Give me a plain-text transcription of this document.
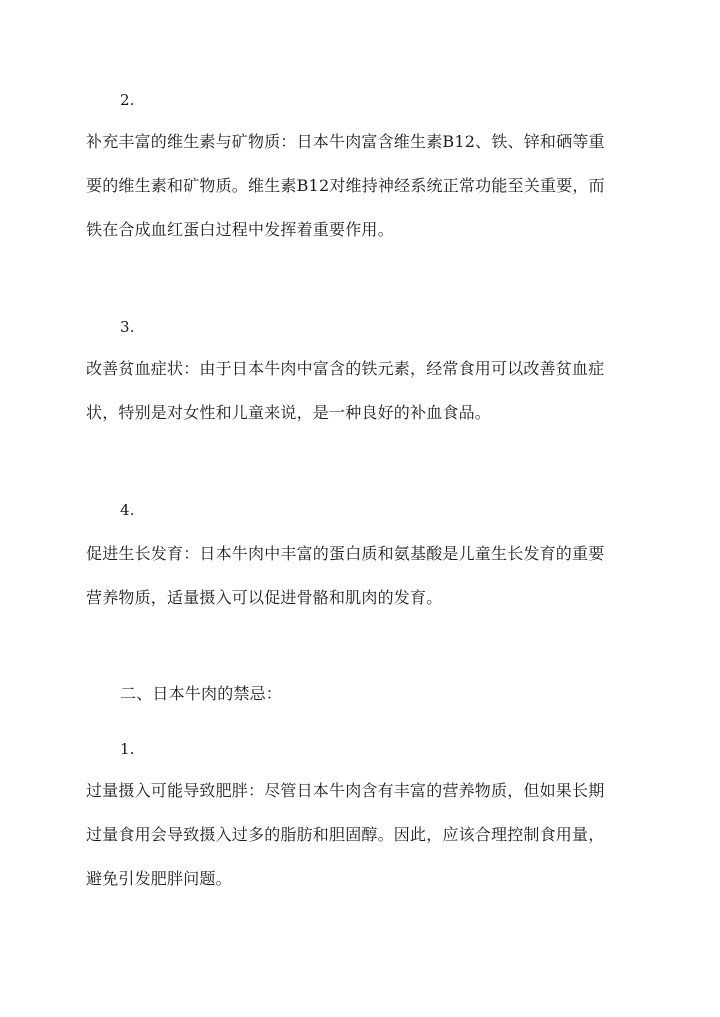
2.
补充丰富的维生素与矿物质：日本牛肉富含维生素B12、铁、锌和硒等重
要的维生素和矿物质。维生素B12对维持神经系统正常功能至关重要，而
铁在合成血红蛋白过程中发挥着重要作用。
3.
改善贫血症状：由于日本牛肉中富含的铁元素，经常食用可以改善贫血症
状，特别是对女性和儿童来说，是一种良好的补血食品。
4.
促进生长发育：日本牛肉中丰富的蛋白质和氨基酸是儿童生长发育的重要
营养物质，适量摄入可以促进骨骼和肌肉的发育。
二、日本牛肉的禁忌：
1.
过量摄入可能导致肥胖：尽管日本牛肉含有丰富的营养物质，但如果长期
过量食用会导致摄入过多的脂肪和胆固醇。因此，应该合理控制食用量，
避免引发肥胖问题。
